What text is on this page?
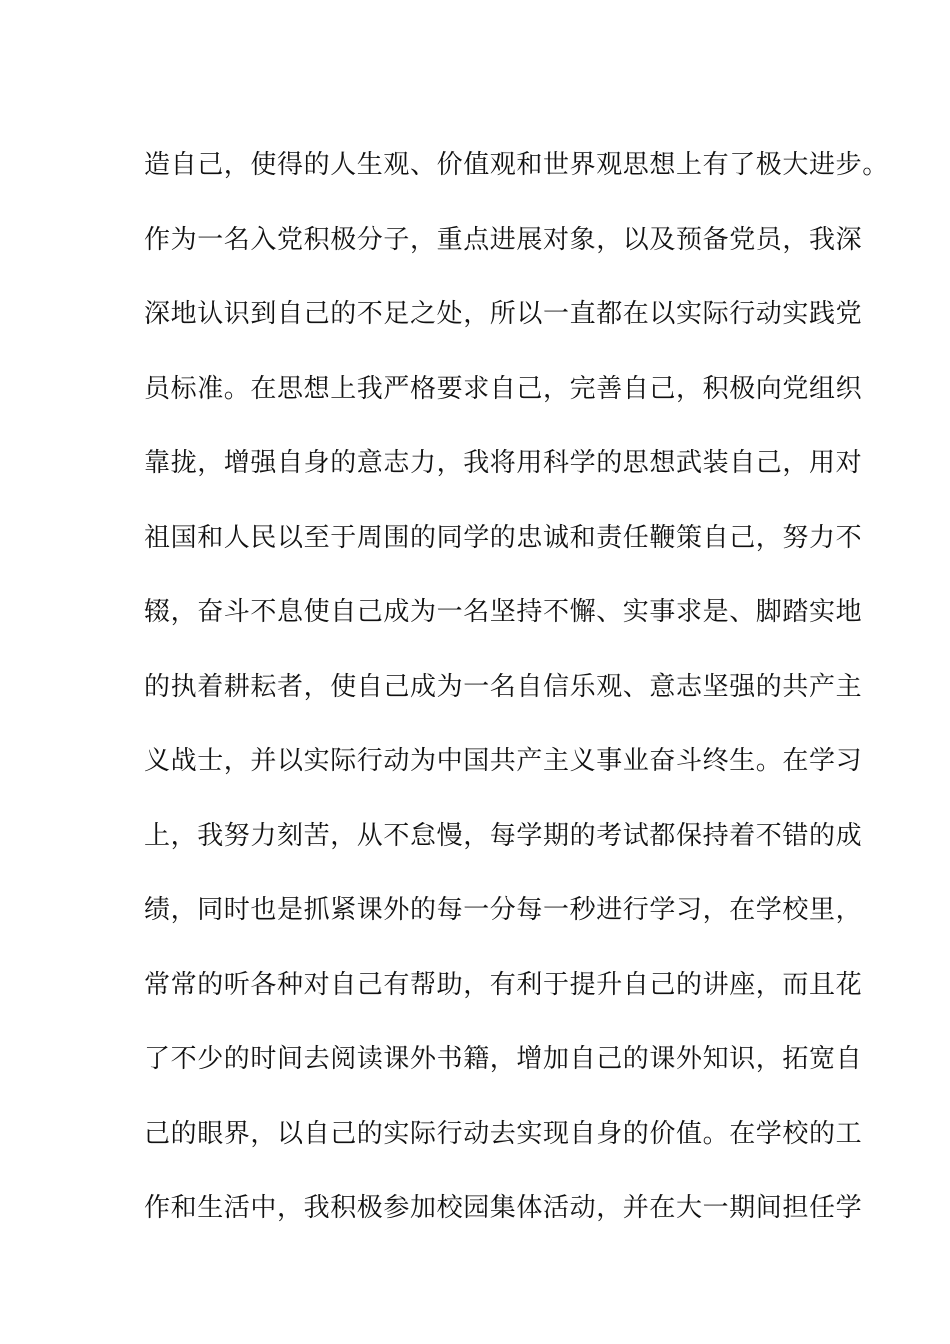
造自己，使得的人生观、价值观和世界观思想上有了极大进步。

作为一名入党积极分子，重点进展对象，以及预备党员，我深

深地认识到自己的不足之处，所以一直都在以实际行动实践党

员标准。在思想上我严格要求自己，完善自己，积极向党组织

靠拢，增强自身的意志力，我将用科学的思想武装自己，用对

祖国和人民以至于周围的同学的忠诚和责任鞭策自己，努力不

辍，奋斗不息使自己成为一名坚持不懈、实事求是、脚踏实地

的执着耕耘者，使自己成为一名自信乐观、意志坚强的共产主

义战士，并以实际行动为中国共产主义事业奋斗终生。在学习

上，我努力刻苦，从不怠慢，每学期的考试都保持着不错的成

绩，同时也是抓紧课外的每一分每一秒进行学习，在学校里，

常常的听各种对自己有帮助，有利于提升自己的讲座，而且花

了不少的时间去阅读课外书籍，增加自己的课外知识，拓宽自

己的眼界，以自己的实际行动去实现自身的价值。在学校的工

作和生活中，我积极参加校园集体活动，并在大一期间担任学
